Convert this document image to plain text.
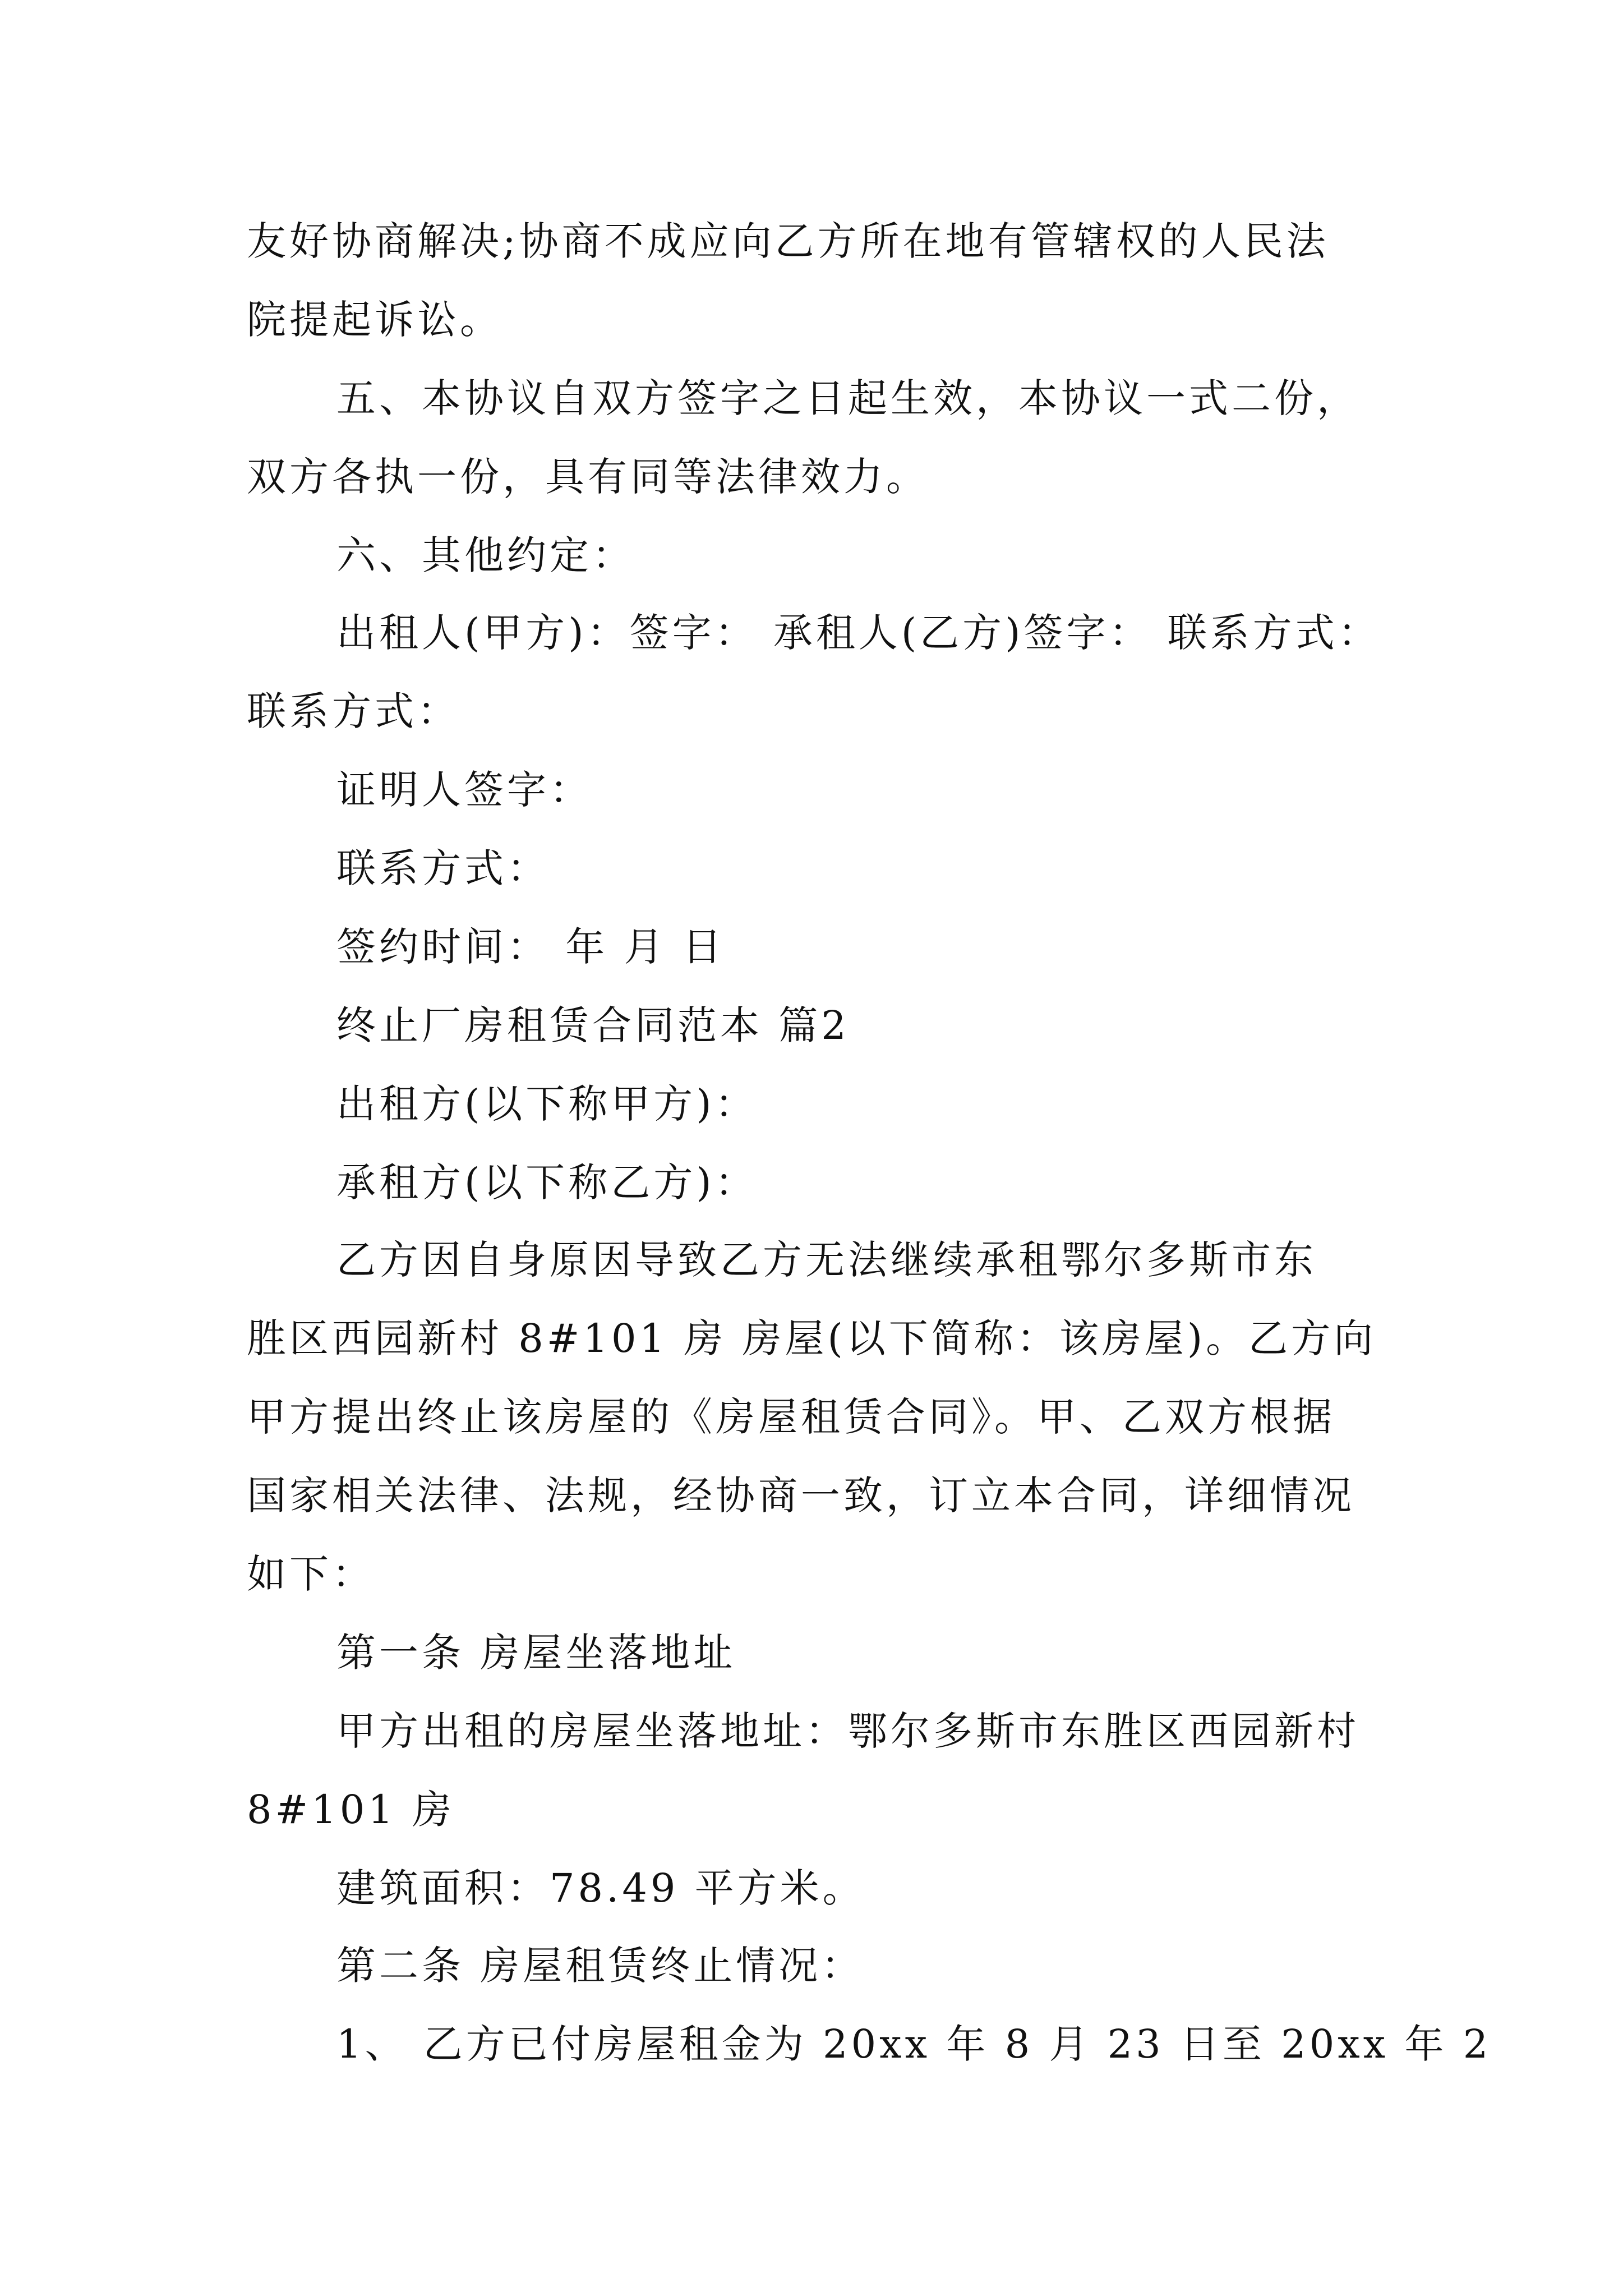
友好协商解决;协商不成应向乙方所在地有管辖权的人民法
院提起诉讼。
五、本协议自双方签字之日起生效，本协议一式二份，
双方各执一份，具有同等法律效力。
六、其他约定：
出租人(甲方)：签字： 承租人(乙方)签字： 联系方式：
联系方式：
证明人签字：
联系方式：
签约时间： 年 月 日
终止厂房租赁合同范本 篇2
出租方(以下称甲方)：
承租方(以下称乙方)：
乙方因自身原因导致乙方无法继续承租鄂尔多斯市东
胜区西园新村 8#101 房 房屋(以下简称：该房屋)。乙方向
甲方提出终止该房屋的《房屋租赁合同》。甲、乙双方根据
国家相关法律、法规，经协商一致，订立本合同，详细情况
如下：
第一条 房屋坐落地址
甲方出租的房屋坐落地址：鄂尔多斯市东胜区西园新村
8#101 房
建筑面积：78.49 平方米。
第二条 房屋租赁终止情况：
1、 乙方已付房屋租金为 20xx 年 8 月 23 日至 20xx 年 2
